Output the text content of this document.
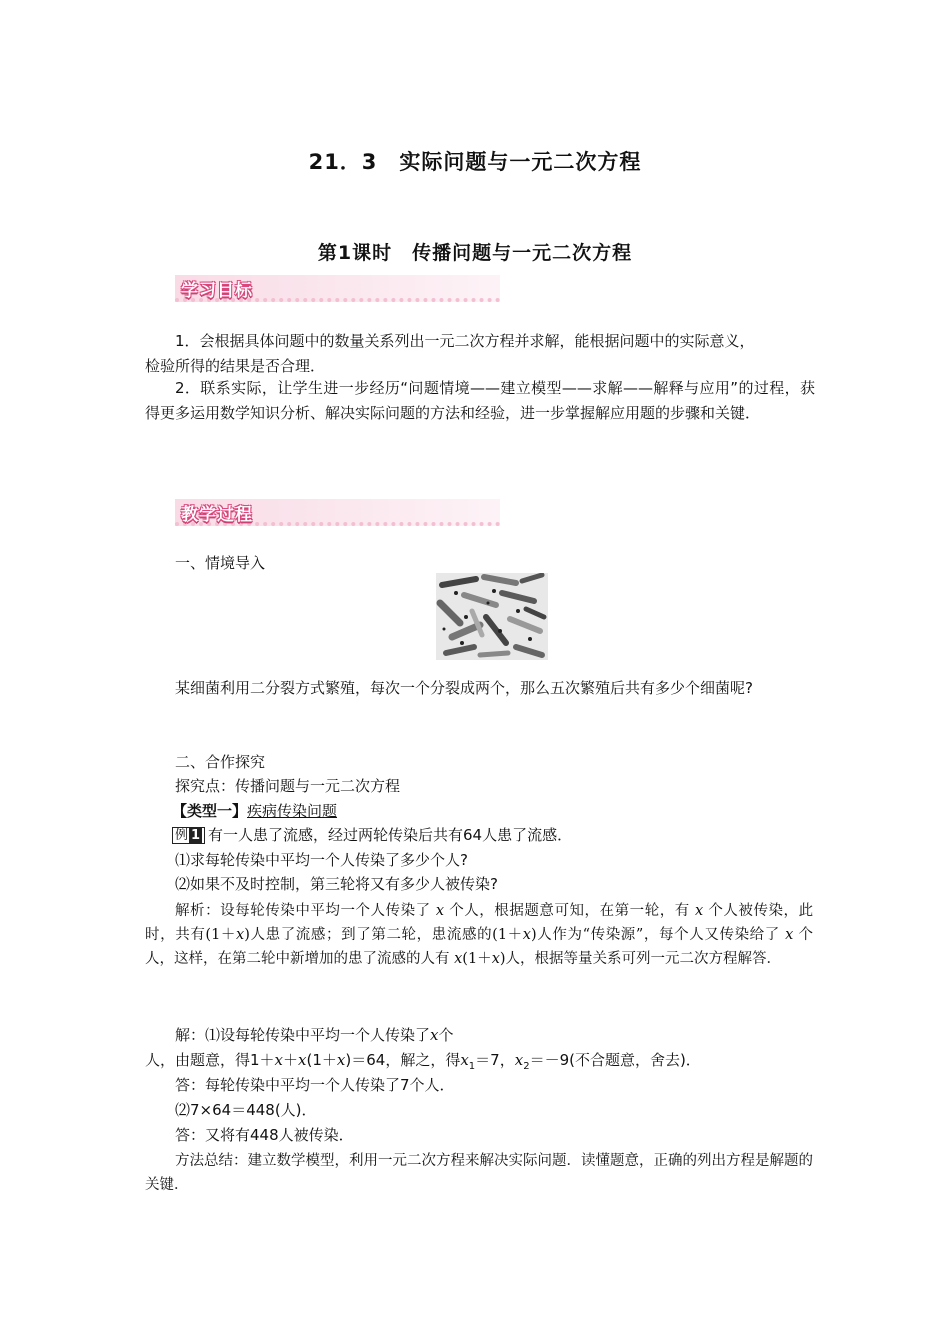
21．3　实际问题与一元二次方程
第1课时　传播问题与一元二次方程
学习目标
1．会根据具体问题中的数量关系列出一元二次方程并求解，能根据问题中的实际意义，
检验所得的结果是否合理．
2．联系实际，让学生进一步经历“问题情境——建立模型——求解——解释与应用”的过程，获得更多运用数学知识分析、解决实际问题的方法和经验，进一步掌握解应用题的步骤和关键．
教学过程
一、情境导入
某细菌利用二分裂方式繁殖，每次一个分裂成两个，那么五次繁殖后共有多少个细菌呢?
二、合作探究
探究点：传播问题与一元二次方程
【类型一】疾病传染问题
例 1 有一人患了流感，经过两轮传染后共有64人患了流感．
⑴求每轮传染中平均一个人传染了多少个人?
⑵如果不及时控制，第三轮将又有多少人被传染?
解析：设每轮传染中平均一个人传染了 x 个人，根据题意可知，在第一轮，有 x 个人被传染，此时，共有(1＋x)人患了流感；到了第二轮，患流感的(1＋x)人作为“传染源”，每个人又传染给了 x 个人，这样，在第二轮中新增加的患了流感的人有 x(1＋x)人，根据等量关系可列一元二次方程解答．
解：⑴设每轮传染中平均一个人传染了x个
人，由题意，得1＋x＋x(1＋x)＝64，解之，得$x_1=7$，$x_2=-9$(不合题意，舍去)．
答：每轮传染中平均一个人传染了7个人．
⑵7×64＝448(人)．
答：又将有448人被传染．
方法总结：建立数学模型，利用一元二次方程来解决实际问题．读懂题意，正确的列出方程是解题的关键．
